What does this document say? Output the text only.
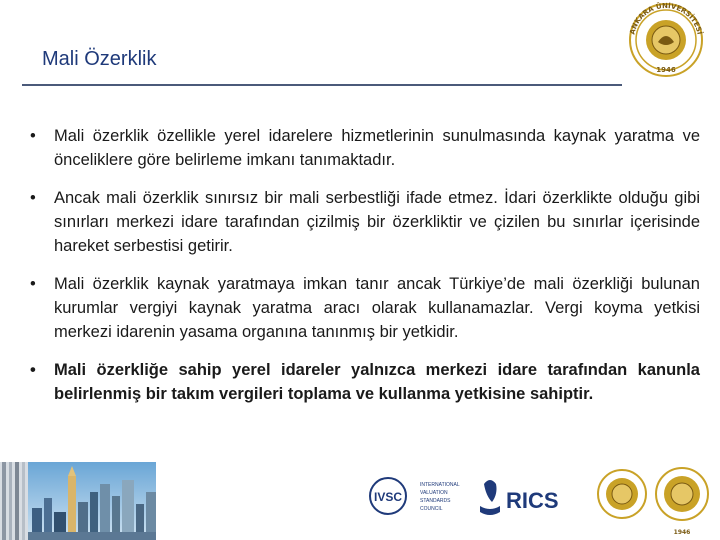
Mali Özerklik
ANKARA ÜNİVERSİTESİ
1946
• Mali özerklik özellikle yerel idarelere hizmetlerinin sunulmasında kaynak yaratma ve önceliklere göre belirleme imkanı tanımaktadır.
• Ancak mali özerklik sınırsız bir mali serbestliği ifade etmez. İdari özerklikte olduğu gibi sınırları merkezi idare tarafından çizilmiş bir özerkliktir ve çizilen bu sınırlar içerisinde hareket serbestisi getirir.
• Mali özerklik kaynak yaratmaya imkan tanır ancak Türkiye’de mali özerkliği bulunan kurumlar vergiyi kaynak yaratma aracı olarak kullanamazlar. Vergi koyma yetkisi merkezi idarenin yasama organına tanınmış bir yetkidir.
• Mali özerkliğe sahip yerel idareler yalnızca merkezi idare tarafından kanunla belirlenmiş bir takım vergileri toplama ve kullanma yetkisine sahiptir.
IVSC
INTERNATIONAL
VALUATION
STANDARDS
COUNCIL	RICS
1946
